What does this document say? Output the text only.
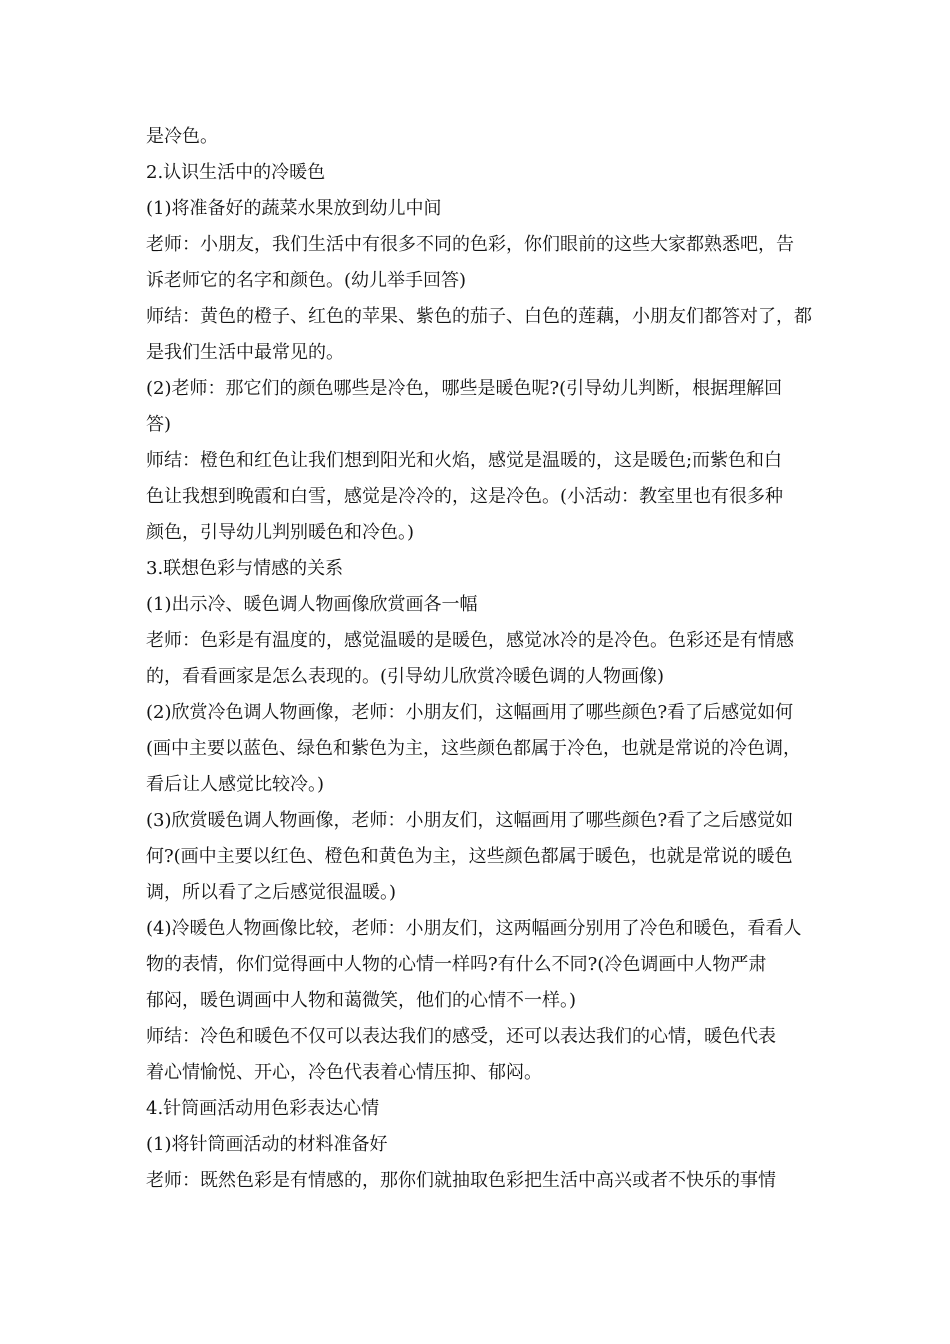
是冷色。
2.认识生活中的冷暖色
(1)将准备好的蔬菜水果放到幼儿中间
老师：小朋友，我们生活中有很多不同的色彩，你们眼前的这些大家都熟悉吧，告
诉老师它的名字和颜色。(幼儿举手回答)
师结：黄色的橙子、红色的苹果、紫色的茄子、白色的莲藕，小朋友们都答对了，都
是我们生活中最常见的。
(2)老师：那它们的颜色哪些是冷色，哪些是暖色呢?(引导幼儿判断，根据理解回
答)
师结：橙色和红色让我们想到阳光和火焰，感觉是温暖的，这是暖色;而紫色和白
色让我想到晚霞和白雪，感觉是冷冷的，这是冷色。(小活动：教室里也有很多种
颜色，引导幼儿判别暖色和冷色。)
3.联想色彩与情感的关系
(1)出示冷、暖色调人物画像欣赏画各一幅
老师：色彩是有温度的，感觉温暖的是暖色，感觉冰冷的是冷色。色彩还是有情感
的，看看画家是怎么表现的。(引导幼儿欣赏冷暖色调的人物画像)
(2)欣赏冷色调人物画像，老师：小朋友们，这幅画用了哪些颜色?看了后感觉如何
(画中主要以蓝色、绿色和紫色为主，这些颜色都属于冷色，也就是常说的冷色调，
看后让人感觉比较冷。)
(3)欣赏暖色调人物画像，老师：小朋友们，这幅画用了哪些颜色?看了之后感觉如
何?(画中主要以红色、橙色和黄色为主，这些颜色都属于暖色，也就是常说的暖色
调，所以看了之后感觉很温暖。)
(4)冷暖色人物画像比较，老师：小朋友们，这两幅画分别用了冷色和暖色，看看人
物的表情，你们觉得画中人物的心情一样吗?有什么不同?(冷色调画中人物严肃
郁闷，暖色调画中人物和蔼微笑，他们的心情不一样。)
师结：冷色和暖色不仅可以表达我们的感受，还可以表达我们的心情，暖色代表
着心情愉悦、开心，冷色代表着心情压抑、郁闷。
4.针筒画活动用色彩表达心情
(1)将针筒画活动的材料准备好
老师：既然色彩是有情感的，那你们就抽取色彩把生活中高兴或者不快乐的事情
